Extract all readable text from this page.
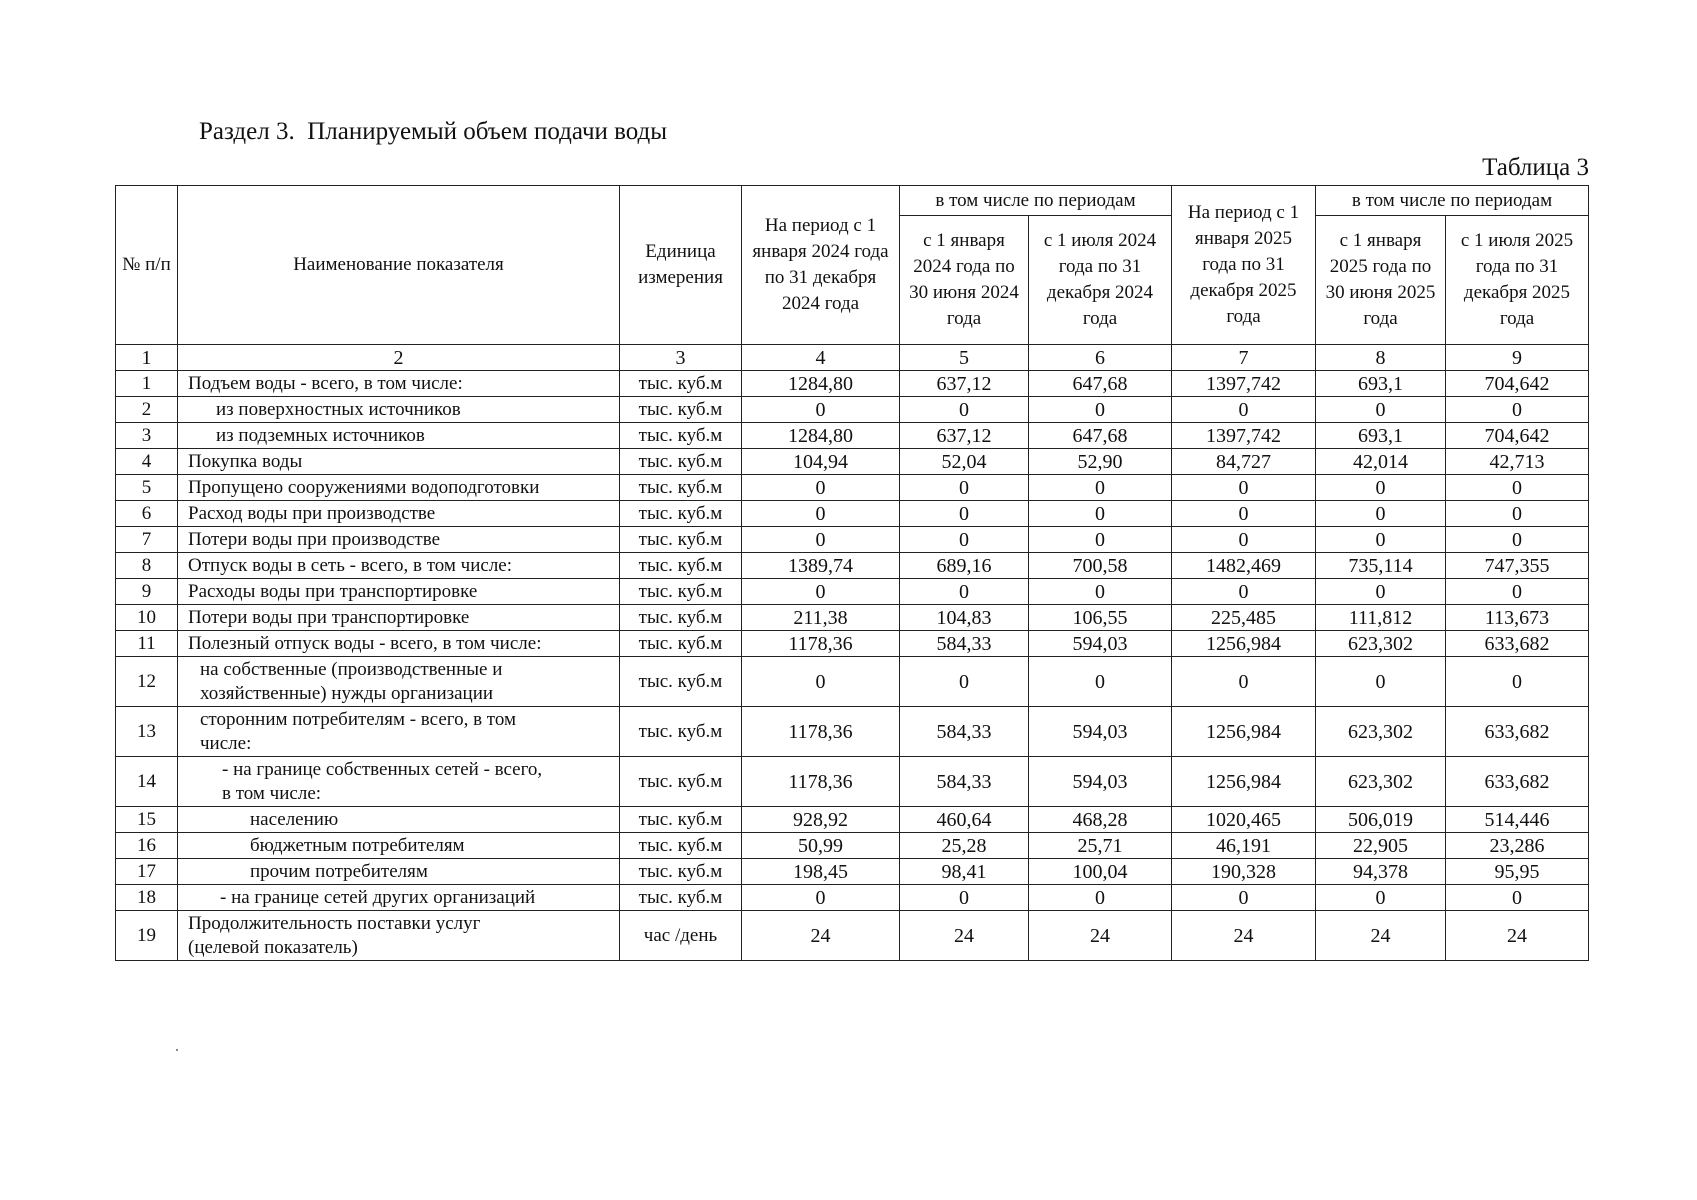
Раздел 3.  Планируемый объем подачи воды
Таблица 3
№ п/п	Наименование показателя	Единица измерения	На период с 1 января 2024 года по 31 декабря 2024 года	в том числе по периодам		На период с 1 января 2025 года по 31 декабря 2025 года	в том числе по периодам	
				с 1 января 2024 года по 30 июня 2024 года	с 1 июля 2024 года по 31 декабря 2024 года		с 1 января 2025 года по 30 июня 2025 года	с 1 июля 2025 года по 31 декабря 2025 года
1	2	3	4	5	6	7	8	9
1	Подъем воды - всего, в том числе:	тыс. куб.м	1284,80	637,12	647,68	1397,742	693,1	704,642
2	из поверхностных источников	тыс. куб.м	0	0	0	0	0	0
3	из подземных источников	тыс. куб.м	1284,80	637,12	647,68	1397,742	693,1	704,642
4	Покупка воды	тыс. куб.м	104,94	52,04	52,90	84,727	42,014	42,713
5	Пропущено сооружениями водоподготовки	тыс. куб.м	0	0	0	0	0	0
6	Расход воды при производстве	тыс. куб.м	0	0	0	0	0	0
7	Потери воды при производстве	тыс. куб.м	0	0	0	0	0	0
8	Отпуск воды в сеть - всего, в том числе:	тыс. куб.м	1389,74	689,16	700,58	1482,469	735,114	747,355
9	Расходы воды при транспортировке	тыс. куб.м	0	0	0	0	0	0
10	Потери воды при транспортировке	тыс. куб.м	211,38	104,83	106,55	225,485	111,812	113,673
11	Полезный отпуск воды - всего, в том числе:	тыс. куб.м	1178,36	584,33	594,03	1256,984	623,302	633,682
12	на собственные (производственные и
хозяйственные) нужды организации	тыс. куб.м	0	0	0	0	0	0
13	сторонним потребителям - всего, в том
числе:	тыс. куб.м	1178,36	584,33	594,03	1256,984	623,302	633,682
14	- на границе собственных сетей - всего,
в том числе:	тыс. куб.м	1178,36	584,33	594,03	1256,984	623,302	633,682
15	населению	тыс. куб.м	928,92	460,64	468,28	1020,465	506,019	514,446
16	бюджетным потребителям	тыс. куб.м	50,99	25,28	25,71	46,191	22,905	23,286
17	прочим потребителям	тыс. куб.м	198,45	98,41	100,04	190,328	94,378	95,95
18	- на границе сетей других организаций	тыс. куб.м	0	0	0	0	0	0
19	Продолжительность поставки услуг
(целевой показатель)	час /день	24	24	24	24	24	24
